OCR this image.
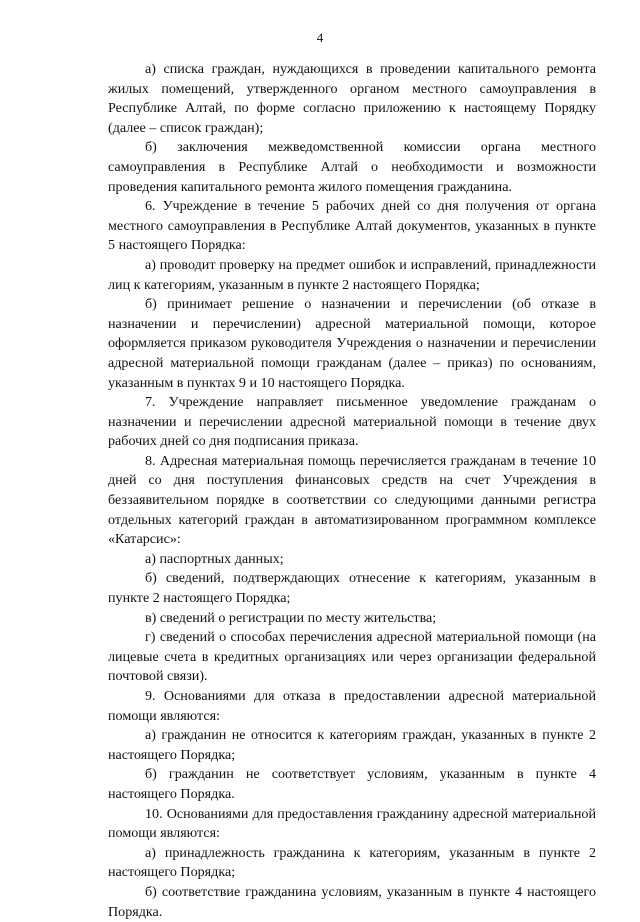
4

а) списка граждан, нуждающихся в проведении капитального ремонта жилых помещений, утвержденного органом местного самоуправления в Республике Алтай, по форме согласно приложению к настоящему Порядку (далее – список граждан);

б) заключения межведомственной комиссии органа местного самоуправления в Республике Алтай о необходимости и возможности проведения капитального ремонта жилого помещения гражданина.

6. Учреждение в течение 5 рабочих дней со дня получения от органа местного самоуправления в Республике Алтай документов, указанных в пункте 5 настоящего Порядка:

а) проводит проверку на предмет ошибок и исправлений, принадлежности лиц к категориям, указанным в пункте 2 настоящего Порядка;

б) принимает решение о назначении и перечислении (об отказе в назначении и перечислении) адресной материальной помощи, которое оформляется приказом руководителя Учреждения о назначении и перечислении адресной материальной помощи гражданам (далее – приказ) по основаниям, указанным в пунктах 9 и 10 настоящего Порядка.

7. Учреждение направляет письменное уведомление гражданам о назначении и перечислении адресной материальной помощи в течение двух рабочих дней со дня подписания приказа.

8. Адресная материальная помощь перечисляется гражданам в течение 10 дней со дня поступления финансовых средств на счет Учреждения в беззаявительном порядке в соответствии со следующими данными регистра отдельных категорий граждан в автоматизированном программном комплексе «Катарсис»:

а) паспортных данных;

б) сведений, подтверждающих отнесение к категориям, указанным в пункте 2 настоящего Порядка;

в) сведений о регистрации по месту жительства;

г) сведений о способах перечисления адресной материальной помощи (на лицевые счета в кредитных организациях или через организации федеральной почтовой связи).

9. Основаниями для отказа в предоставлении адресной материальной помощи являются:

а) гражданин не относится к категориям граждан, указанных в пункте 2 настоящего Порядка;

б) гражданин не соответствует условиям, указанным в пункте 4 настоящего Порядка.

10. Основаниями для предоставления гражданину адресной материальной помощи являются:

а) принадлежность гражданина к категориям, указанным в пункте 2 настоящего Порядка;

б) соответствие гражданина условиям, указанным в пункте 4 настоящего Порядка.
